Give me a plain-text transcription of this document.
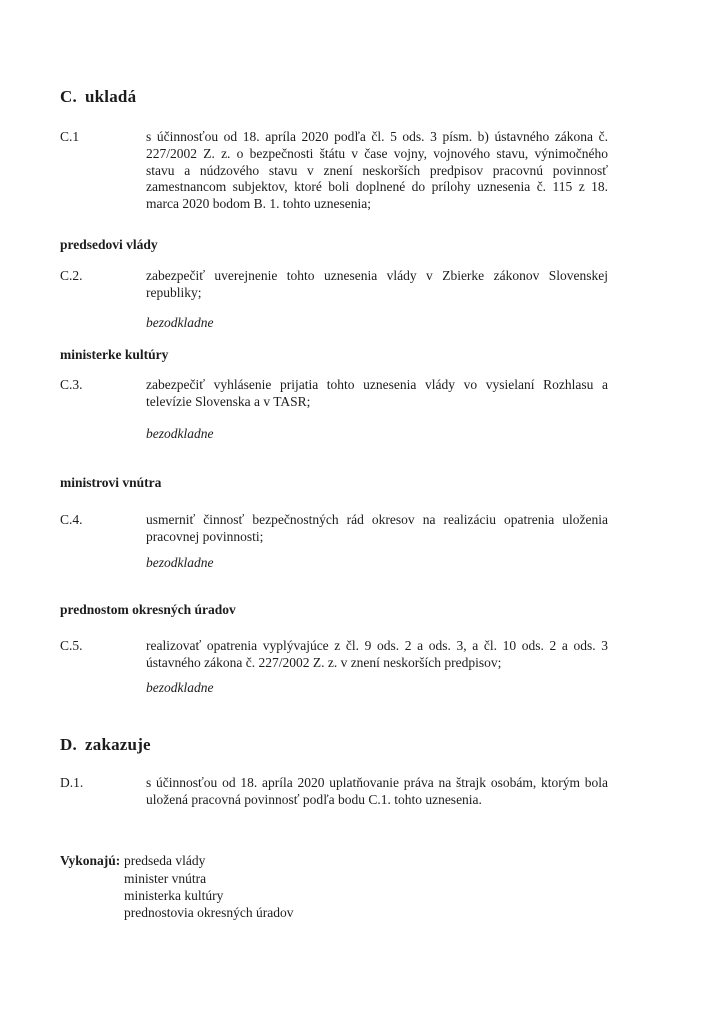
C. ukladá
C.1	s účinnosťou od 18. apríla 2020 podľa čl. 5 ods. 3 písm. b) ústavného zákona č. 227/2002 Z. z. o bezpečnosti štátu v čase vojny, vojnového stavu, výnimočného stavu a núdzového stavu v znení neskorších predpisov pracovnú povinnosť zamestnancom subjektov, ktoré boli doplnené do prílohy uznesenia č. 115 z 18. marca 2020 bodom B. 1. tohto uznesenia;
predsedovi vlády
C.2.	zabezpečiť uverejnenie tohto uznesenia vlády v Zbierke zákonov Slovenskej republiky;
bezodkladne
ministerke kultúry
C.3.	zabezpečiť vyhlásenie prijatia tohto uznesenia vlády vo vysielaní Rozhlasu a televízie Slovenska a v TASR;
bezodkladne
ministrovi vnútra
C.4.	usmerniť činnosť bezpečnostných rád okresov na realizáciu opatrenia uloženia pracovnej povinnosti;
bezodkladne
prednostom okresných úradov
C.5.	realizovať opatrenia vyplývajúce z čl. 9 ods. 2 a ods. 3, a čl. 10 ods. 2 a ods. 3 ústavného zákona č. 227/2002 Z. z. v znení neskorších predpisov;
bezodkladne
D. zakazuje
D.1.	s účinnosťou od 18. apríla 2020 uplatňovanie práva na štrajk osobám, ktorým bola uložená pracovná povinnosť podľa bodu C.1. tohto uznesenia.
Vykonajú: predseda vlády
minister vnútra
ministerka kultúry
prednostovia okresných úradov
